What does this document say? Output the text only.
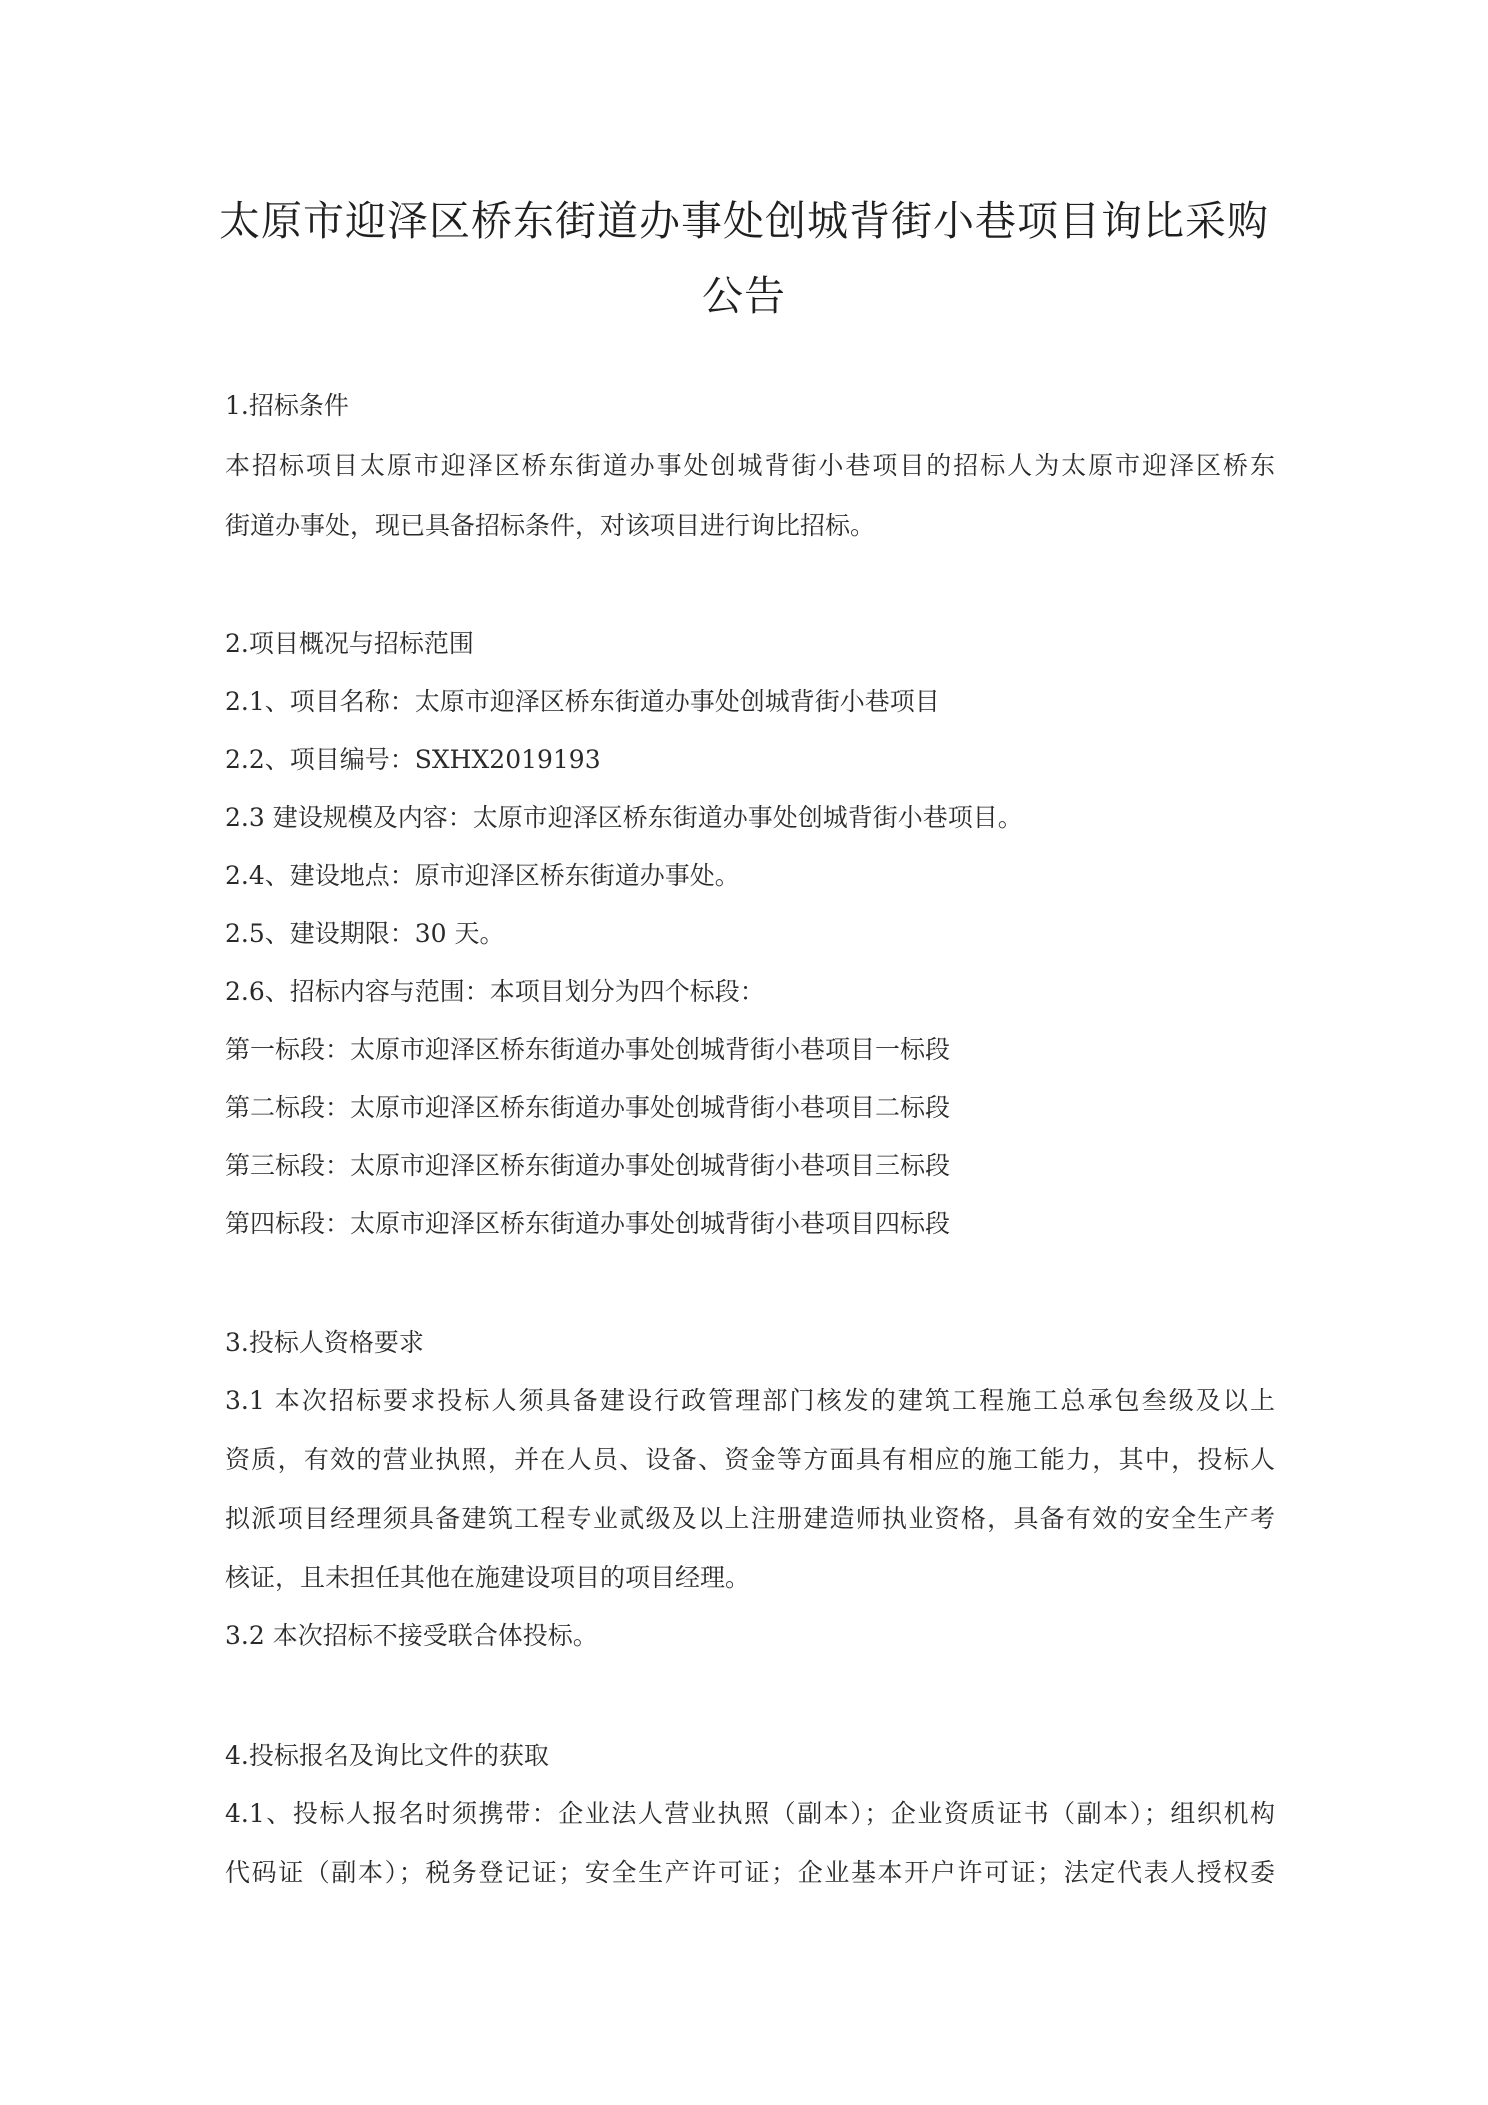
太原市迎泽区桥东街道办事处创城背街小巷项目询比采购
公告
1.招标条件
本招标项目太原市迎泽区桥东街道办事处创城背街小巷项目的招标人为太原市迎泽区桥东
街道办事处，现已具备招标条件，对该项目进行询比招标。
2.项目概况与招标范围
2.1、项目名称：太原市迎泽区桥东街道办事处创城背街小巷项目
2.2、项目编号：SXHX2019193
2.3 建设规模及内容：太原市迎泽区桥东街道办事处创城背街小巷项目。
2.4、建设地点：原市迎泽区桥东街道办事处。
2.5、建设期限：30 天。
2.6、招标内容与范围：本项目划分为四个标段：
第一标段：太原市迎泽区桥东街道办事处创城背街小巷项目一标段
第二标段：太原市迎泽区桥东街道办事处创城背街小巷项目二标段
第三标段：太原市迎泽区桥东街道办事处创城背街小巷项目三标段
第四标段：太原市迎泽区桥东街道办事处创城背街小巷项目四标段
3.投标人资格要求
3.1 本次招标要求投标人须具备建设行政管理部门核发的建筑工程施工总承包叁级及以上
资质，有效的营业执照，并在人员、设备、资金等方面具有相应的施工能力，其中，投标人
拟派项目经理须具备建筑工程专业贰级及以上注册建造师执业资格，具备有效的安全生产考
核证，且未担任其他在施建设项目的项目经理。
3.2 本次招标不接受联合体投标。
4.投标报名及询比文件的获取
4.1、投标人报名时须携带：企业法人营业执照（副本）；企业资质证书（副本）；组织机构
代码证（副本）；税务登记证；安全生产许可证；企业基本开户许可证；法定代表人授权委
